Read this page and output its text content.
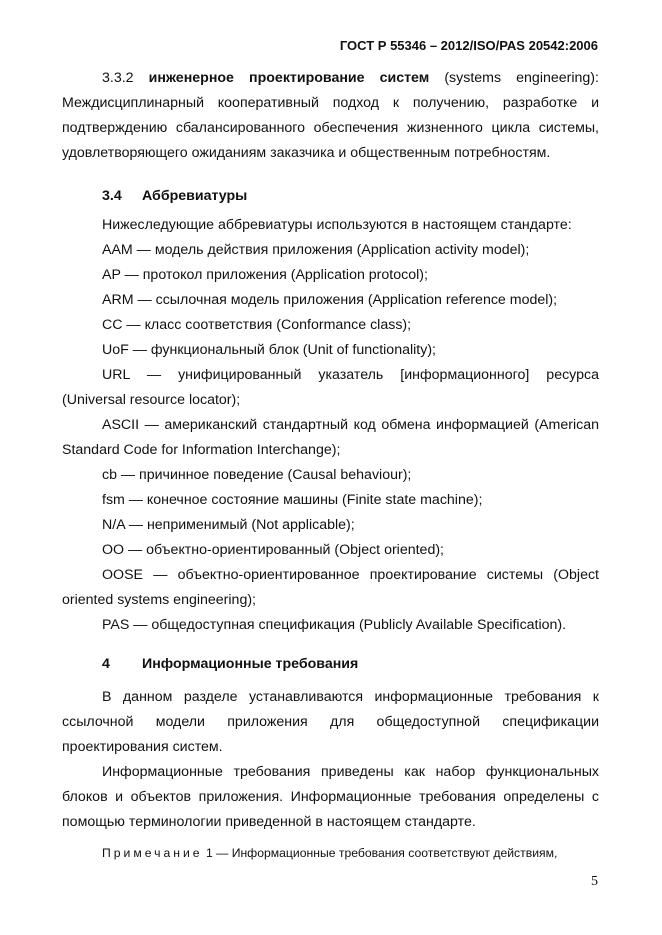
ГОСТ Р 55346 – 2012/ISO/PAS 20542:2006

3.3.2 инженерное проектирование систем (systems engineering): Междисциплинарный кооперативный подход к получению, разработке и подтверждению сбалансированного обеспечения жизненного цикла системы, удовлетворяющего ожиданиям заказчика и общественным потребностям.

3.4 Аббревиатуры

Нижеследующие аббревиатуры используются в настоящем стандарте:

AAM — модель действия приложения (Application activity model);

AP — протокол приложения (Application protocol);

ARM — ссылочная модель приложения (Application reference model);

CC — класс соответствия (Conformance class);

UoF — функциональный блок (Unit of functionality);

URL — унифицированный указатель [информационного] ресурса (Universal resource locator);

ASCII — американский стандартный код обмена информацией (American Standard Code for Information Interchange);

cb — причинное поведение (Causal behaviour);

fsm — конечное состояние машины (Finite state machine);

N/A — неприменимый (Not applicable);

OO — объектно-ориентированный (Object oriented);

OOSE — объектно-ориентированное проектирование системы (Object oriented systems engineering);

PAS — общедоступная спецификация (Publicly Available Specification).

4 Информационные требования

В данном разделе устанавливаются информационные требования к ссылочной модели приложения для общедоступной спецификации проектирования систем.

Информационные требования приведены как набор функциональных блоков и объектов приложения. Информационные требования определены с помощью терминологии приведенной в настоящем стандарте.

Примечание 1 — Информационные требования соответствуют действиям,

5
